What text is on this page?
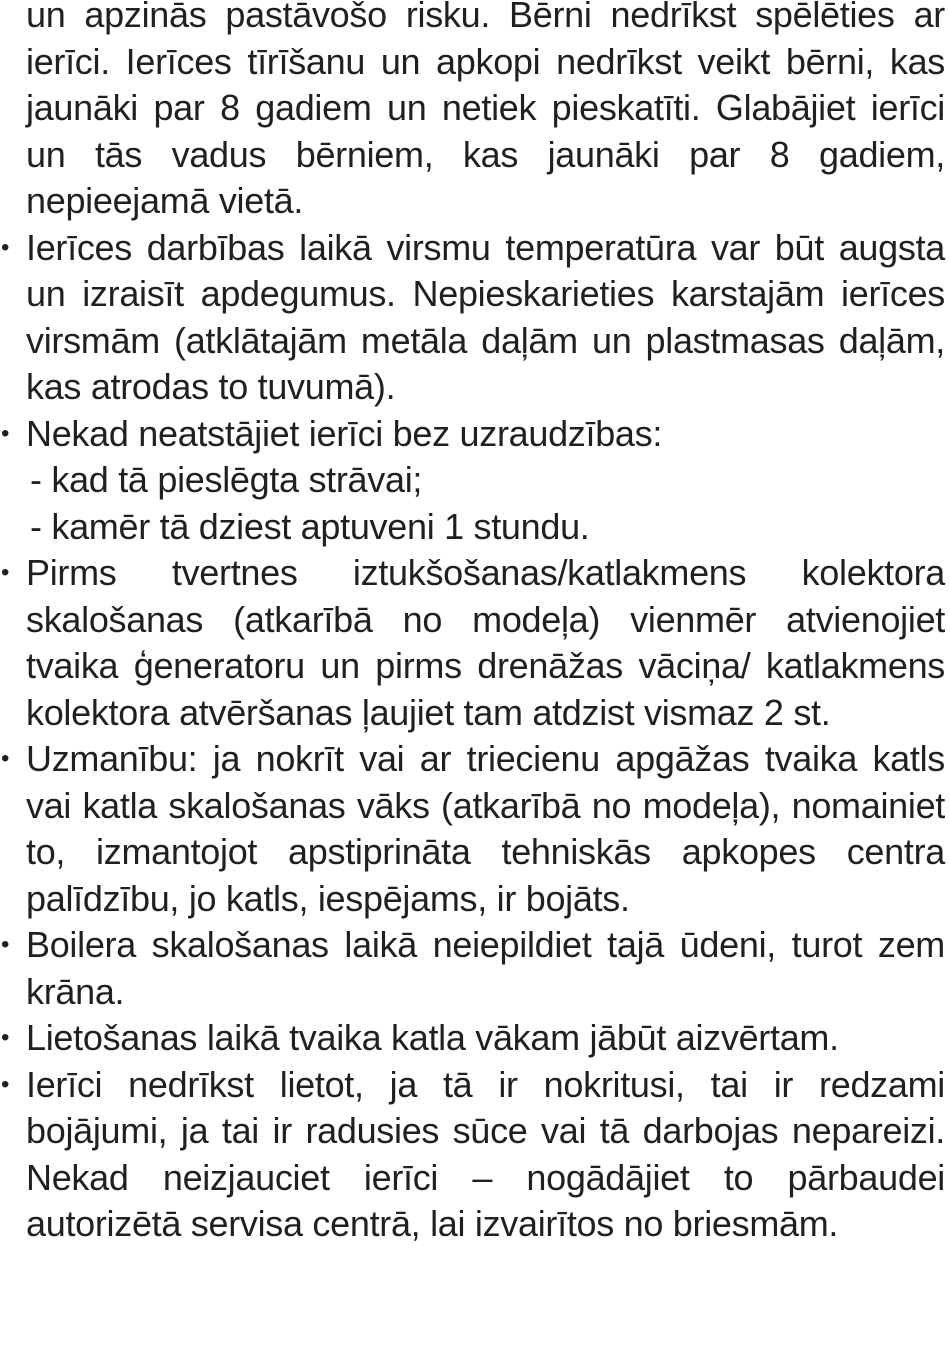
un apzinās pastāvošo risku. Bērni nedrīkst spēlēties ar ierīci. Ierīces tīrīšanu un apkopi nedrīkst veikt bērni, kas jaunāki par 8 gadiem un netiek pieskatīti. Glabājiet ierīci un tās vadus bērniem, kas jaunāki par 8 gadiem, nepieejamā vietā.

• Ierīces darbības laikā virsmu temperatūra var būt augsta un izraisīt apdegumus. Nepieskarieties karstajām ierīces virsmām (atklātajām metāla daļām un plastmasas daļām, kas atrodas to tuvumā).

• Nekad neatstājiet ierīci bez uzraudzības:
- kad tā pieslēgta strāvai;
- kamēr tā dziest aptuveni 1 stundu.

• Pirms tvertnes iztukšošanas/katlakmens kolektora skalošanas (atkarībā no modeļa) vienmēr atvienojiet tvaika ģeneratoru un pirms drenāžas vāciņa/ katlakmens kolektora atvēršanas ļaujiet tam atdzist vismaz 2 st.

• Uzmanību: ja nokrīt vai ar triecienu apgāžas tvaika katls vai katla skalošanas vāks (atkarībā no modeļa), nomainiet to, izmantojot apstiprināta tehniskās apkopes centra palīdzību, jo katls, iespējams, ir bojāts.

• Boilera skalošanas laikā neiepildiet tajā ūdeni, turot zem krāna.

• Lietošanas laikā tvaika katla vākam jābūt aizvērtam.

• Ierīci nedrīkst lietot, ja tā ir nokritusi, tai ir redzami bojājumi, ja tai ir radusies sūce vai tā darbojas nepareizi. Nekad neizjauciet ierīci – nogādājiet to pārbaudei autorizētā servisa centrā, lai izvairītos no briesmām.
